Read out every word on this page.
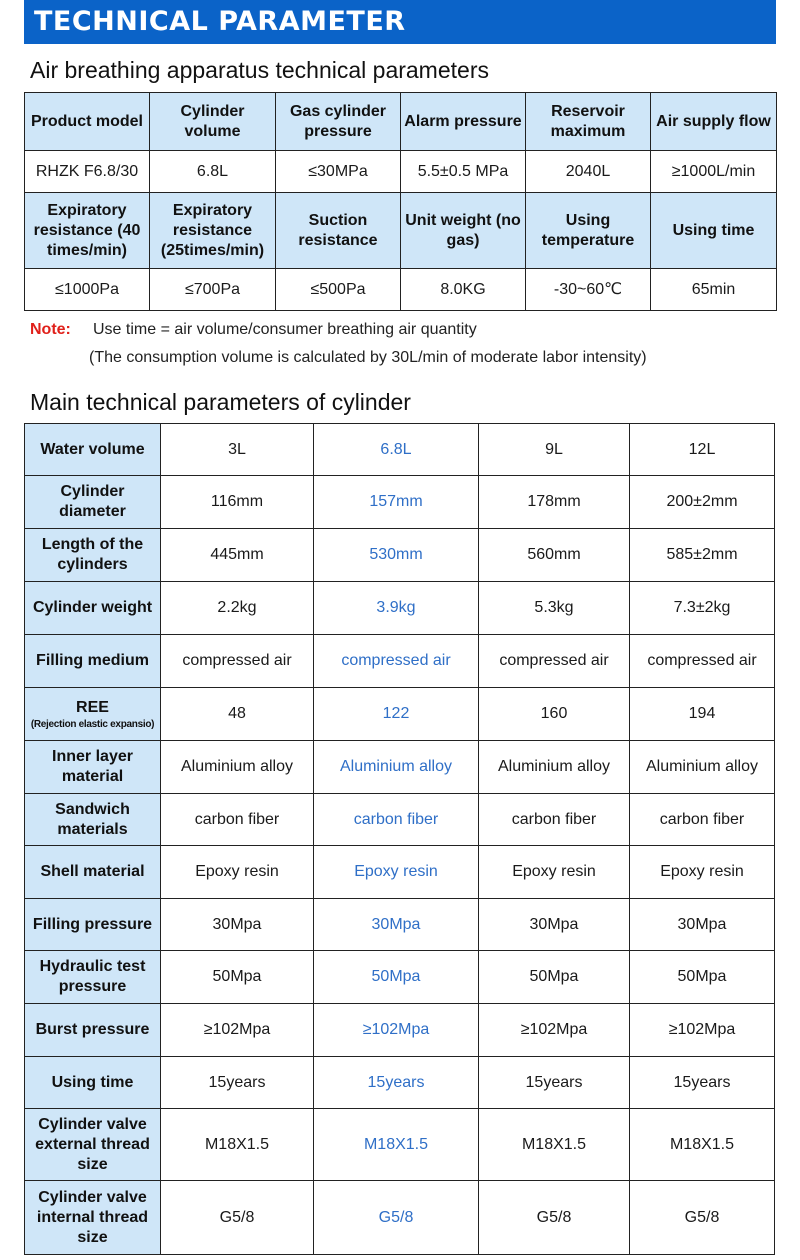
TECHNICAL PARAMETER
Air breathing apparatus technical parameters
Product model	Cylinder volume	Gas cylinder pressure	Alarm pressure	Reservoir maximum	Air supply flow
RHZK F6.8/30	6.8L	≤30MPa	5.5±0.5 MPa	2040L	≥1000L/min
Expiratory resistance (40 times/min)	Expiratory resistance (25times/min)	Suction resistance	Unit weight (no gas)	Using temperature	Using time
≤1000Pa	≤700Pa	≤500Pa	8.0KG	-30~60℃	65min
Note: Use time = air volume/consumer breathing air quantity
(The consumption volume is calculated by 30L/min of moderate labor intensity)
Main technical parameters of cylinder
Water volume	3L	6.8L	9L	12L
Cylinder diameter	116mm	157mm	178mm	200±2mm
Length of the cylinders	445mm	530mm	560mm	585±2mm
Cylinder weight	2.2kg	3.9kg	5.3kg	7.3±2kg
Filling medium	compressed air	compressed air	compressed air	compressed air
REE
(Rejection elastic expansio)	48	122	160	194
Inner layer material	Aluminium alloy	Aluminium alloy	Aluminium alloy	Aluminium alloy
Sandwich materials	carbon fiber	carbon fiber	carbon fiber	carbon fiber
Shell material	Epoxy resin	Epoxy resin	Epoxy resin	Epoxy resin
Filling pressure	30Mpa	30Mpa	30Mpa	30Mpa
Hydraulic test pressure	50Mpa	50Mpa	50Mpa	50Mpa
Burst pressure	≥102Mpa	≥102Mpa	≥102Mpa	≥102Mpa
Using time	15years	15years	15years	15years
Cylinder valve external thread size	M18X1.5	M18X1.5	M18X1.5	M18X1.5
Cylinder valve internal thread size	G5/8	G5/8	G5/8	G5/8
